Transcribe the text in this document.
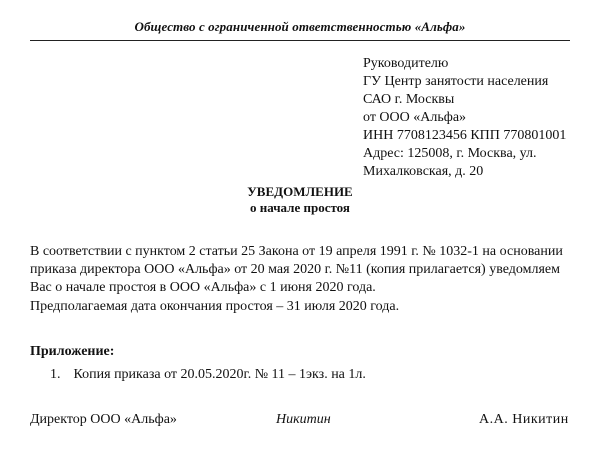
Общество с ограниченной ответственностью «Альфа»
Руководителю
ГУ Центр занятости населения
САО г. Москвы
от ООО «Альфа»
ИНН 7708123456 КПП 770801001
Адрес: 125008, г. Москва, ул.
Михалковская, д. 20
УВЕДОМЛЕНИЕ
о начале простоя
В соответствии с пунктом 2 статьи 25 Закона от 19 апреля 1991 г. № 1032-1 на основании
приказа директора ООО «Альфа» от 20 мая 2020 г. №11 (копия прилагается) уведомляем
Вас о начале простоя в ООО «Альфа» с 1 июня 2020 года.
Предполагаемая дата окончания простоя – 31 июля 2020 года.
Приложение:
1. Копия приказа от 20.05.2020г. № 11 – 1экз. на 1л.
Директор ООО «Альфа»	Никитин	А.А. Никитин
